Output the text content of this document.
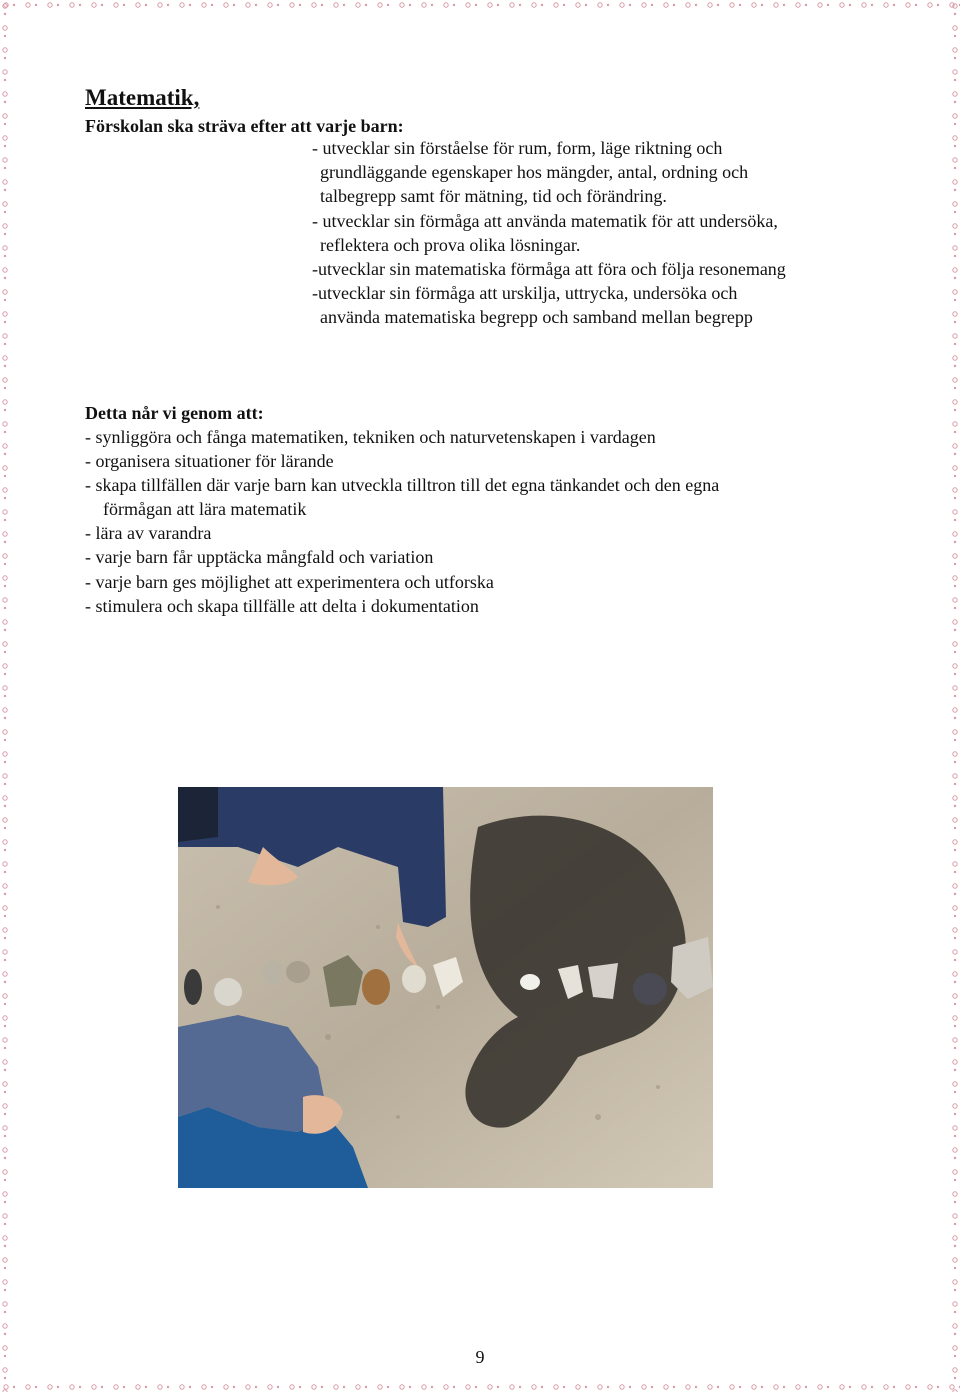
Matematik,

Förskolan ska sträva efter att varje barn:

- utvecklar sin förståelse för rum, form, läge riktning och
grundläggande egenskaper hos mängder, antal, ordning och
talbegrepp samt för mätning, tid och förändring.
- utvecklar sin förmåga att använda matematik för att undersöka,
reflektera och prova olika lösningar.
-utvecklar sin matematiska förmåga att föra och följa resonemang
-utvecklar sin förmåga att urskilja, uttrycka, undersöka och
använda matematiska begrepp och samband mellan begrepp

Detta når vi genom att:

- synliggöra och fånga matematiken, tekniken och naturvetenskapen i vardagen
- organisera situationer för lärande
- skapa tillfällen där varje barn kan utveckla tilltron till det egna tänkandet och den egna
förmågan att lära matematik
- lära av varandra
- varje barn får upptäcka mångfald och variation
- varje barn ges möjlighet att experimentera och utforska
- stimulera och skapa tillfälle att delta i dokumentation

9
